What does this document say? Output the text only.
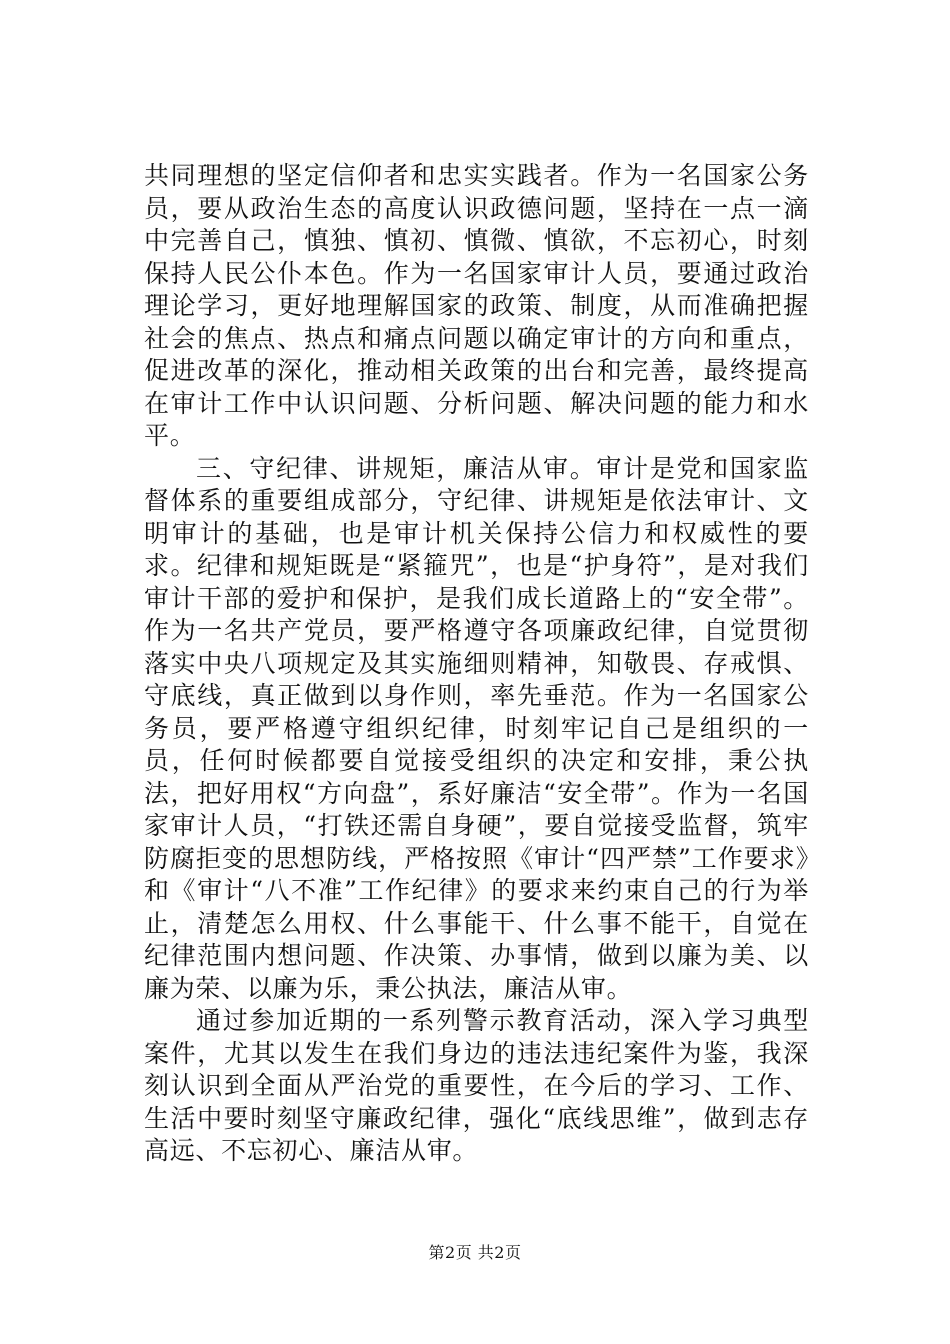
共同理想的坚定信仰者和忠实实践者。作为一名国家公务员，要从政治生态的高度认识政德问题，坚持在一点一滴中完善自己，慎独、慎初、慎微、慎欲，不忘初心，时刻保持人民公仆本色。作为一名国家审计人员，要通过政治理论学习，更好地理解国家的政策、制度，从而准确把握社会的焦点、热点和痛点问题以确定审计的方向和重点，促进改革的深化，推动相关政策的出台和完善，最终提高在审计工作中认识问题、分析问题、解决问题的能力和水平。

三、守纪律、讲规矩，廉洁从审。审计是党和国家监督体系的重要组成部分，守纪律、讲规矩是依法审计、文明审计的基础，也是审计机关保持公信力和权威性的要求。纪律和规矩既是“紧箍咒”，也是“护身符”，是对我们审计干部的爱护和保护，是我们成长道路上的“安全带”。作为一名共产党员，要严格遵守各项廉政纪律，自觉贯彻落实中央八项规定及其实施细则精神，知敬畏、存戒惧、守底线，真正做到以身作则，率先垂范。作为一名国家公务员，要严格遵守组织纪律，时刻牢记自己是组织的一员，任何时候都要自觉接受组织的决定和安排，秉公执法，把好用权“方向盘”，系好廉洁“安全带”。作为一名国家审计人员，“打铁还需自身硬”，要自觉接受监督，筑牢防腐拒变的思想防线，严格按照《审计“四严禁”工作要求》和《审计“八不准”工作纪律》的要求来约束自己的行为举止，清楚怎么用权、什么事能干、什么事不能干，自觉在纪律范围内想问题、作决策、办事情，做到以廉为美、以廉为荣、以廉为乐，秉公执法，廉洁从审。

通过参加近期的一系列警示教育活动，深入学习典型案件，尤其以发生在我们身边的违法违纪案件为鉴，我深刻认识到全面从严治党的重要性，在今后的学习、工作、生活中要时刻坚守廉政纪律，强化“底线思维”，做到志存高远、不忘初心、廉洁从审。

第2页 共2页
